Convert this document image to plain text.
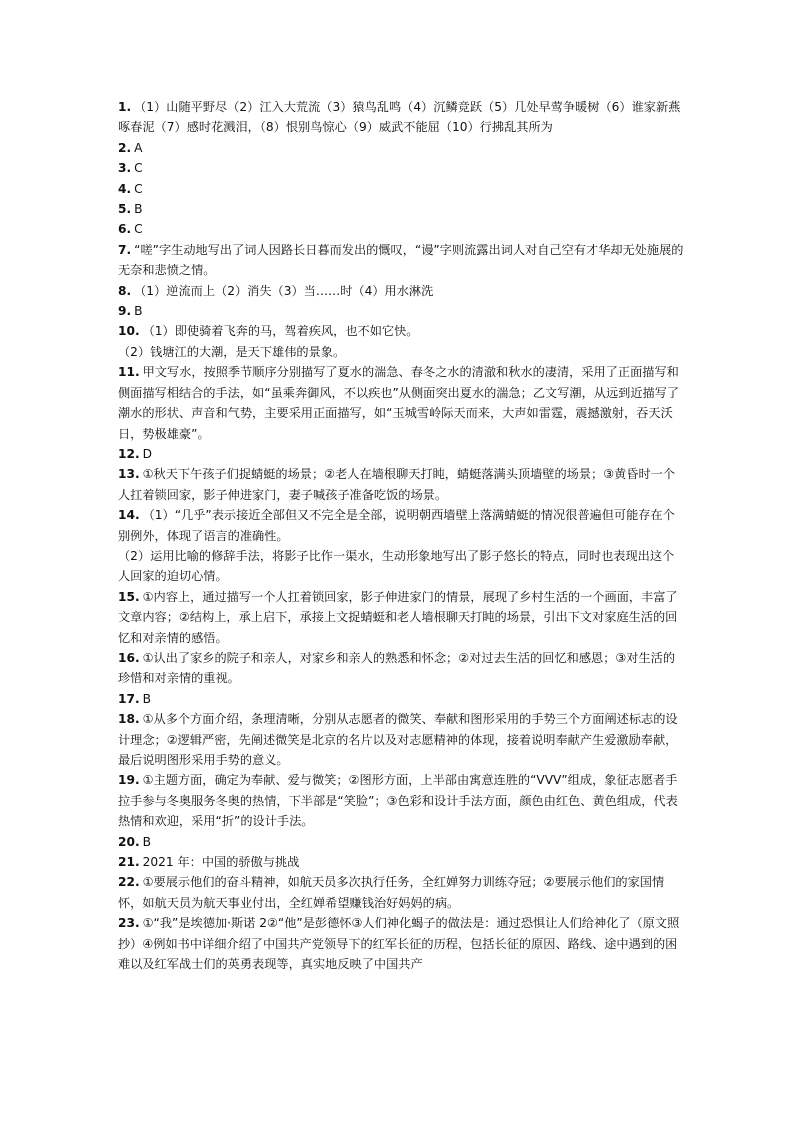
1. （1）山随平野尽（2）江入大荒流（3）猿鸟乱鸣（4）沉鳞竞跃（5）几处早莺争暖树（6）谁家新燕啄春泥（7）感时花溅泪，（8）恨别鸟惊心（9）威武不能屈（10）行拂乱其所为

2. A

3. C

4. C

5. B

6. C

7. “嗟”字生动地写出了词人因路长日暮而发出的慨叹，“谩”字则流露出词人对自己空有才华却无处施展的无奈和悲愤之情。

8. （1）逆流而上（2）消失（3）当……时（4）用水淋洗

9. B

10. （1）即使骑着飞奔的马，驾着疾风，也不如它快。

（2）钱塘江的大潮，是天下雄伟的景象。

11. 甲文写水，按照季节顺序分别描写了夏水的湍急、春冬之水的清澈和秋水的凄清，采用了正面描写和侧面描写相结合的手法，如“虽乘奔御风，不以疾也”从侧面突出夏水的湍急；乙文写潮，从远到近描写了潮水的形状、声音和气势，主要采用正面描写，如“玉城雪岭际天而来，大声如雷霆，震撼激射，吞天沃日，势极雄豪”。

12. D

13. ①秋天下午孩子们捉蜻蜓的场景；②老人在墙根聊天打盹，蜻蜓落满头顶墙壁的场景；③黄昏时一个人扛着锁回家，影子伸进家门，妻子喊孩子准备吃饭的场景。

14. （1）“几乎”表示接近全部但又不完全是全部，说明朝西墙壁上落满蜻蜓的情况很普遍但可能存在个别例外，体现了语言的准确性。

（2）运用比喻的修辞手法，将影子比作一渠水，生动形象地写出了影子悠长的特点，同时也表现出这个人回家的迫切心情。

15. ①内容上，通过描写一个人扛着锁回家，影子伸进家门的情景，展现了乡村生活的一个画面，丰富了文章内容；②结构上，承上启下，承接上文捉蜻蜓和老人墙根聊天打盹的场景，引出下文对家庭生活的回忆和对亲情的感悟。

16. ①认出了家乡的院子和亲人，对家乡和亲人的熟悉和怀念；②对过去生活的回忆和感恩；③对生活的珍惜和对亲情的重视。

17. B

18. ①从多个方面介绍，条理清晰，分别从志愿者的微笑、奉献和图形采用的手势三个方面阐述标志的设计理念；②逻辑严密，先阐述微笑是北京的名片以及对志愿精神的体现，接着说明奉献产生爱激励奉献，最后说明图形采用手势的意义。

19. ①主题方面，确定为奉献、爱与微笑；②图形方面，上半部由寓意连胜的“VVV”组成，象征志愿者手拉手参与冬奥服务冬奥的热情，下半部是“笑脸”；③色彩和设计手法方面，颜色由红色、黄色组成，代表热情和欢迎，采用“折”的设计手法。

20. B

21. 2021 年：中国的骄傲与挑战

22. ①要展示他们的奋斗精神，如航天员多次执行任务，全红婵努力训练夺冠；②要展示他们的家国情怀，如航天员为航天事业付出，全红婵希望赚钱治好妈妈的病。

23. ①“我”是埃德加·斯诺 2②“他”是彭德怀③人们神化蝎子的做法是：通过恐惧让人们给神化了（原文照抄）④例如书中详细介绍了中国共产党领导下的红军长征的历程，包括长征的原因、路线、途中遇到的困难以及红军战士们的英勇表现等，真实地反映了中国共产
